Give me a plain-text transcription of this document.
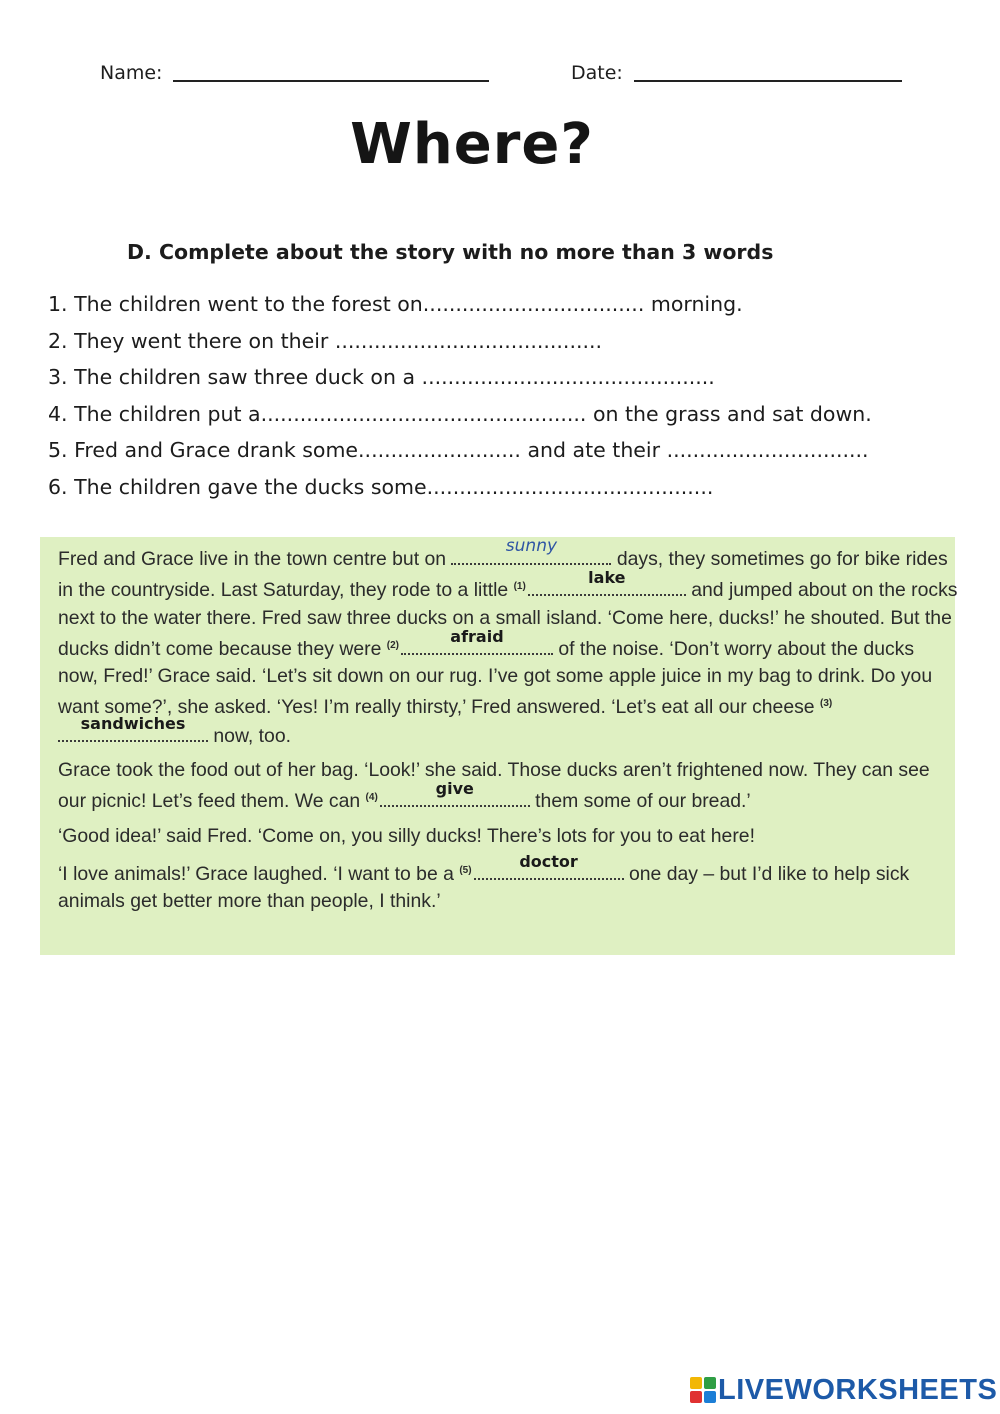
Name:	Date:
Where?
D. Complete about the story with no more than 3 words
1. The children went to the forest on.................................. morning.
2. They went there on their .........................................
3. The children saw three duck on a .............................................
4. The children put a.................................................. on the grass and sat down.
5. Fred and Grace drank some......................... and ate their ...............................
6. The children gave the ducks some............................................

Fred and Grace live in the town centre but on
sunny
days, they sometimes go for bike rides in the countryside. Last Saturday, they rode to a little $^{(1)}$	lake
and jumped about on the rocks next to the water there. Fred saw three ducks on a small island. ‘Come here, ducks!’ he shouted. But the ducks didn’t come because they were $^{(2)}$	afraid
of the noise. ‘Don’t worry about the ducks now, Fred!’ Grace said. ‘Let’s sit down on our rug. I’ve got some apple juice in my bag to drink. Do you want some?’, she asked. ‘Yes! I’m really thirsty,’ Fred answered. ‘Let’s eat all our cheese $^{(3)}$
sandwiches
now, too.

Grace took the food out of her bag. ‘Look!’ she said. Those ducks aren’t frightened now. They can see our picnic! Let’s feed them. We can $^{(4)}$	give
them some of our bread.’

‘Good idea!’ said Fred. ‘Come on, you silly ducks! There’s lots for you to eat here!

‘I love animals!’ Grace laughed. ‘I want to be a $^{(5)}$	doctor
one day – but I’d like to help sick animals get better more than people, I think.’

LIVEWORKSHEETS
